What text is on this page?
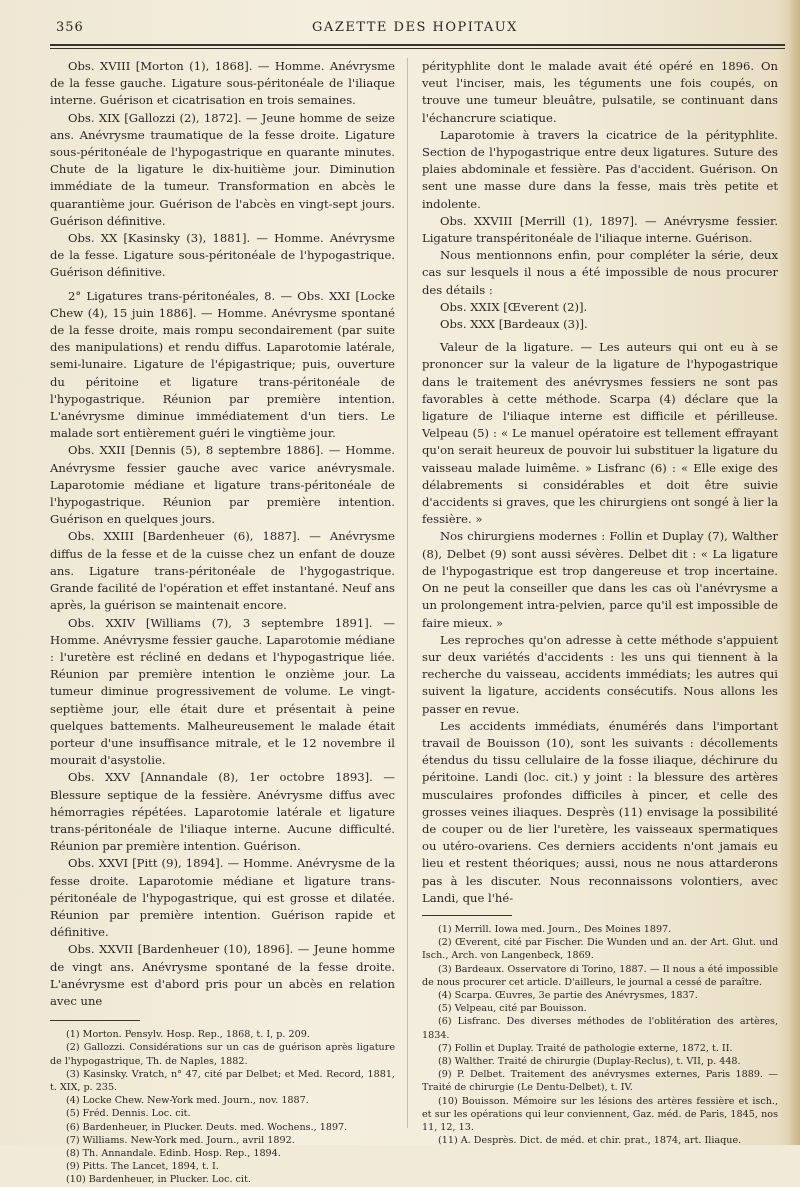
356	GAZETTE DES HOPITAUX

Obs. XVIII [Morton (1), 1868]. — Homme. Anévrysme de la fesse gauche. Ligature sous-péritonéale de l'iliaque interne. Guérison et cicatrisation en trois semaines.

Obs. XIX [Gallozzi (2), 1872]. — Jeune homme de seize ans. Anévrysme traumatique de la fesse droite. Ligature sous-péritonéale de l'hypogastrique en quarante minutes. Chute de la ligature le dix-huitième jour. Diminution immédiate de la tumeur. Transformation en abcès le quarantième jour. Guérison de l'abcès en vingt-sept jours. Guérison définitive.

Obs. XX [Kasinsky (3), 1881]. — Homme. Anévrysme de la fesse. Ligature sous-péritonéale de l'hypogastrique. Guérison définitive.

2° Ligatures trans-péritonéales, 8. — Obs. XXI [Locke Chew (4), 15 juin 1886]. — Homme. Anévrysme spontané de la fesse droite, mais rompu secondairement (par suite des manipulations) et rendu diffus. Laparotomie latérale, semi-lunaire. Ligature de l'épigastrique; puis, ouverture du péritoine et ligature trans-péritonéale de l'hypogastrique. Réunion par première intention. L'anévrysme diminue immédiatement d'un tiers. Le malade sort entièrement guéri le vingtième jour.

Obs. XXII [Dennis (5), 8 septembre 1886]. — Homme. Anévrysme fessier gauche avec varice anévrysmale. Laparotomie médiane et ligature trans-péritonéale de l'hypogastrique. Réunion par première intention. Guérison en quelques jours.

Obs. XXIII [Bardenheuer (6), 1887]. — Anévrysme diffus de la fesse et de la cuisse chez un enfant de douze ans. Ligature trans-péritonéale de l'hygogastrique. Grande facilité de l'opération et effet instantané. Neuf ans après, la guérison se maintenait encore.

Obs. XXIV [Williams (7), 3 septembre 1891]. — Homme. Anévrysme fessier gauche. Laparotomie médiane : l'uretère est récliné en dedans et l'hypogastrique liée. Réunion par première intention le onzième jour. La tumeur diminue progressivement de volume. Le vingt-septième jour, elle était dure et présentait à peine quelques battements. Malheureusement le malade était porteur d'une insuffisance mitrale, et le 12 novembre il mourait d'asystolie.

Obs. XXV [Annandale (8), 1er octobre 1893]. — Blessure septique de la fessière. Anévrysme diffus avec hémorragies répétées. Laparotomie latérale et ligature trans-péritonéale de l'iliaque interne. Aucune difficulté. Réunion par première intention. Guérison.

Obs. XXVI [Pitt (9), 1894]. — Homme. Anévrysme de la fesse droite. Laparotomie médiane et ligature trans-péritonéale de l'hypogastrique, qui est grosse et dilatée. Réunion par première intention. Guérison rapide et définitive.

Obs. XXVII [Bardenheuer (10), 1896]. — Jeune homme de vingt ans. Anévrysme spontané de la fesse droite. L'anévrysme est d'abord pris pour un abcès en relation avec une

(1) Morton. Pensylv. Hosp. Rep., 1868, t. I, p. 209.

(2) Gallozzi. Considérations sur un cas de guérison après ligature de l'hypogastrique, Th. de Naples, 1882.

(3) Kasinsky. Vratch, n° 47, cité par Delbet; et Med. Record, 1881, t. XIX, p. 235.

(4) Locke Chew. New-York med. Journ., nov. 1887.

(5) Fréd. Dennis. Loc. cit.

(6) Bardenheuer, in Plucker. Deuts. med. Wochens., 1897.

(7) Williams. New-York med. Journ., avril 1892.

(8) Th. Annandale. Edinb. Hosp. Rep., 1894.

(9) Pitts. The Lancet, 1894, t. I.

(10) Bardenheuer, in Plucker. Loc. cit.

pérityphlite dont le malade avait été opéré en 1896. On veut l'inciser, mais, les téguments une fois coupés, on trouve une tumeur bleuâtre, pulsatile, se continuant dans l'échancrure sciatique.

Laparotomie à travers la cicatrice de la pérityphlite. Section de l'hypogastrique entre deux ligatures. Suture des plaies abdominale et fessière. Pas d'accident. Guérison. On sent une masse dure dans la fesse, mais très petite et indolente.

Obs. XXVIII [Merrill (1), 1897]. — Anévrysme fessier. Ligature transpéritonéale de l'iliaque interne. Guérison.

Nous mentionnons enfin, pour compléter la série, deux cas sur lesquels il nous a été impossible de nous procurer des détails :

Obs. XXIX [Œverent (2)].

Obs. XXX [Bardeaux (3)].

Valeur de la ligature. — Les auteurs qui ont eu à se prononcer sur la valeur de la ligature de l'hypogastrique dans le traitement des anévrysmes fessiers ne sont pas favorables à cette méthode. Scarpa (4) déclare que la ligature de l'iliaque interne est difficile et périlleuse. Velpeau (5) : « Le manuel opératoire est tellement effrayant qu'on serait heureux de pouvoir lui substituer la ligature du vaisseau malade luimême. » Lisfranc (6) : « Elle exige des délabrements si considérables et doit être suivie d'accidents si graves, que les chirurgiens ont songé à lier la fessière. »

Nos chirurgiens modernes : Follin et Duplay (7), Walther (8), Delbet (9) sont aussi sévères. Delbet dit : « La ligature de l'hypogastrique est trop dangereuse et trop incertaine. On ne peut la conseiller que dans les cas où l'anévrysme a un prolongement intra-pelvien, parce qu'il est impossible de faire mieux. »

Les reproches qu'on adresse à cette méthode s'appuient sur deux variétés d'accidents : les uns qui tiennent à la recherche du vaisseau, accidents immédiats; les autres qui suivent la ligature, accidents consécutifs. Nous allons les passer en revue.

Les accidents immédiats, énumérés dans l'important travail de Bouisson (10), sont les suivants : décollements étendus du tissu cellulaire de la fosse iliaque, déchirure du péritoine. Landi (loc. cit.) y joint : la blessure des artères musculaires profondes difficiles à pincer, et celle des grosses veines iliaques. Desprès (11) envisage la possibilité de couper ou de lier l'uretère, les vaisseaux spermatiques ou utéro-ovariens. Ces derniers accidents n'ont jamais eu lieu et restent théoriques; aussi, nous ne nous attarderons pas à les discuter. Nous reconnaissons volontiers, avec Landi, que l'hé-

(1) Merrill. Iowa med. Journ., Des Moines 1897.

(2) Œverent, cité par Fischer. Die Wunden und an. der Art. Glut. und Isch., Arch. von Langenbeck, 1869.

(3) Bardeaux. Osservatore di Torino, 1887. — Il nous a été impossible de nous procurer cet article. D'ailleurs, le journal a cessé de paraître.

(4) Scarpa. Œuvres, 3e partie des Anévrysmes, 1837.

(5) Velpeau, cité par Bouisson.

(6) Lisfranc. Des diverses méthodes de l'oblitération des artères, 1834.

(7) Follin et Duplay. Traité de pathologie externe, 1872, t. II.

(8) Walther. Traité de chirurgie (Duplay-Reclus), t. VII, p. 448.

(9) P. Delbet. Traitement des anévrysmes externes, Paris 1889. — Traité de chirurgie (Le Dentu-Delbet), t. IV.

(10) Bouisson. Mémoire sur les lésions des artères fessière et isch., et sur les opérations qui leur conviennent, Gaz. méd. de Paris, 1845, nos 11, 12, 13.

(11) A. Desprès. Dict. de méd. et chir. prat., 1874, art. Iliaque.
